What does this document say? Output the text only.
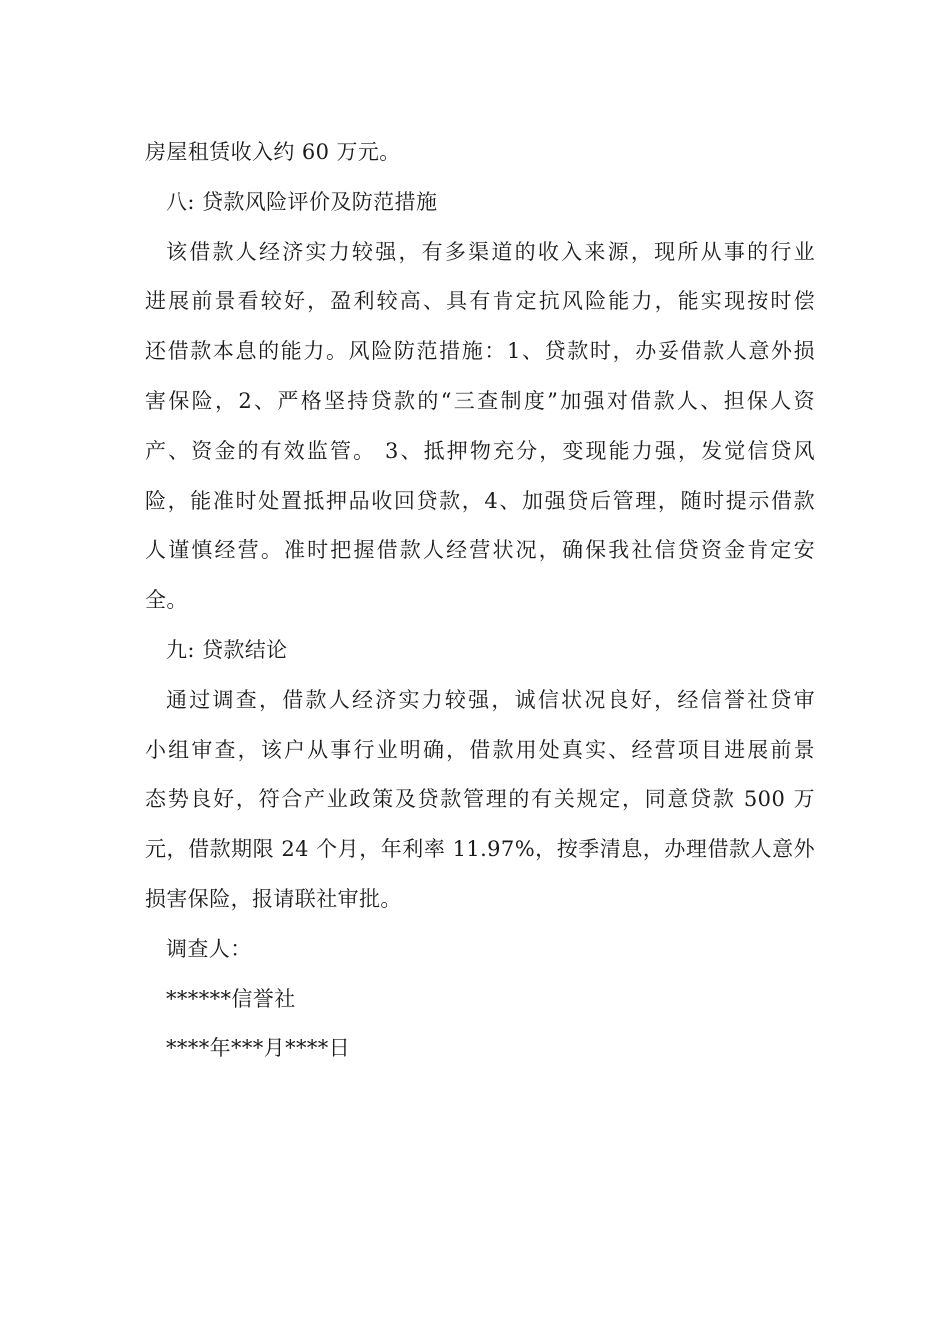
房屋租赁收入约 60 万元。
八: 贷款风险评价及防范措施
该借款人经济实力较强，有多渠道的收入来源，现所从事的行业
进展前景看较好，盈利较高、具有肯定抗风险能力，能实现按时偿
还借款本息的能力。风险防范措施：1、贷款时，办妥借款人意外损
害保险，2、严格坚持贷款的“三查制度”加强对借款人、担保人资
产、资金的有效监管。 3、抵押物充分，变现能力强，发觉信贷风
险，能准时处置抵押品收回贷款，4、加强贷后管理，随时提示借款
人谨慎经营。准时把握借款人经营状况，确保我社信贷资金肯定安
全。
九: 贷款结论
通过调查，借款人经济实力较强，诚信状况良好，经信誉社贷审
小组审查，该户从事行业明确，借款用处真实、经营项目进展前景
态势良好，符合产业政策及贷款管理的有关规定，同意贷款 500 万
元，借款期限 24 个月，年利率 11.97%，按季清息，办理借款人意外
损害保险，报请联社审批。
调查人：
******信誉社
****年***月****日
